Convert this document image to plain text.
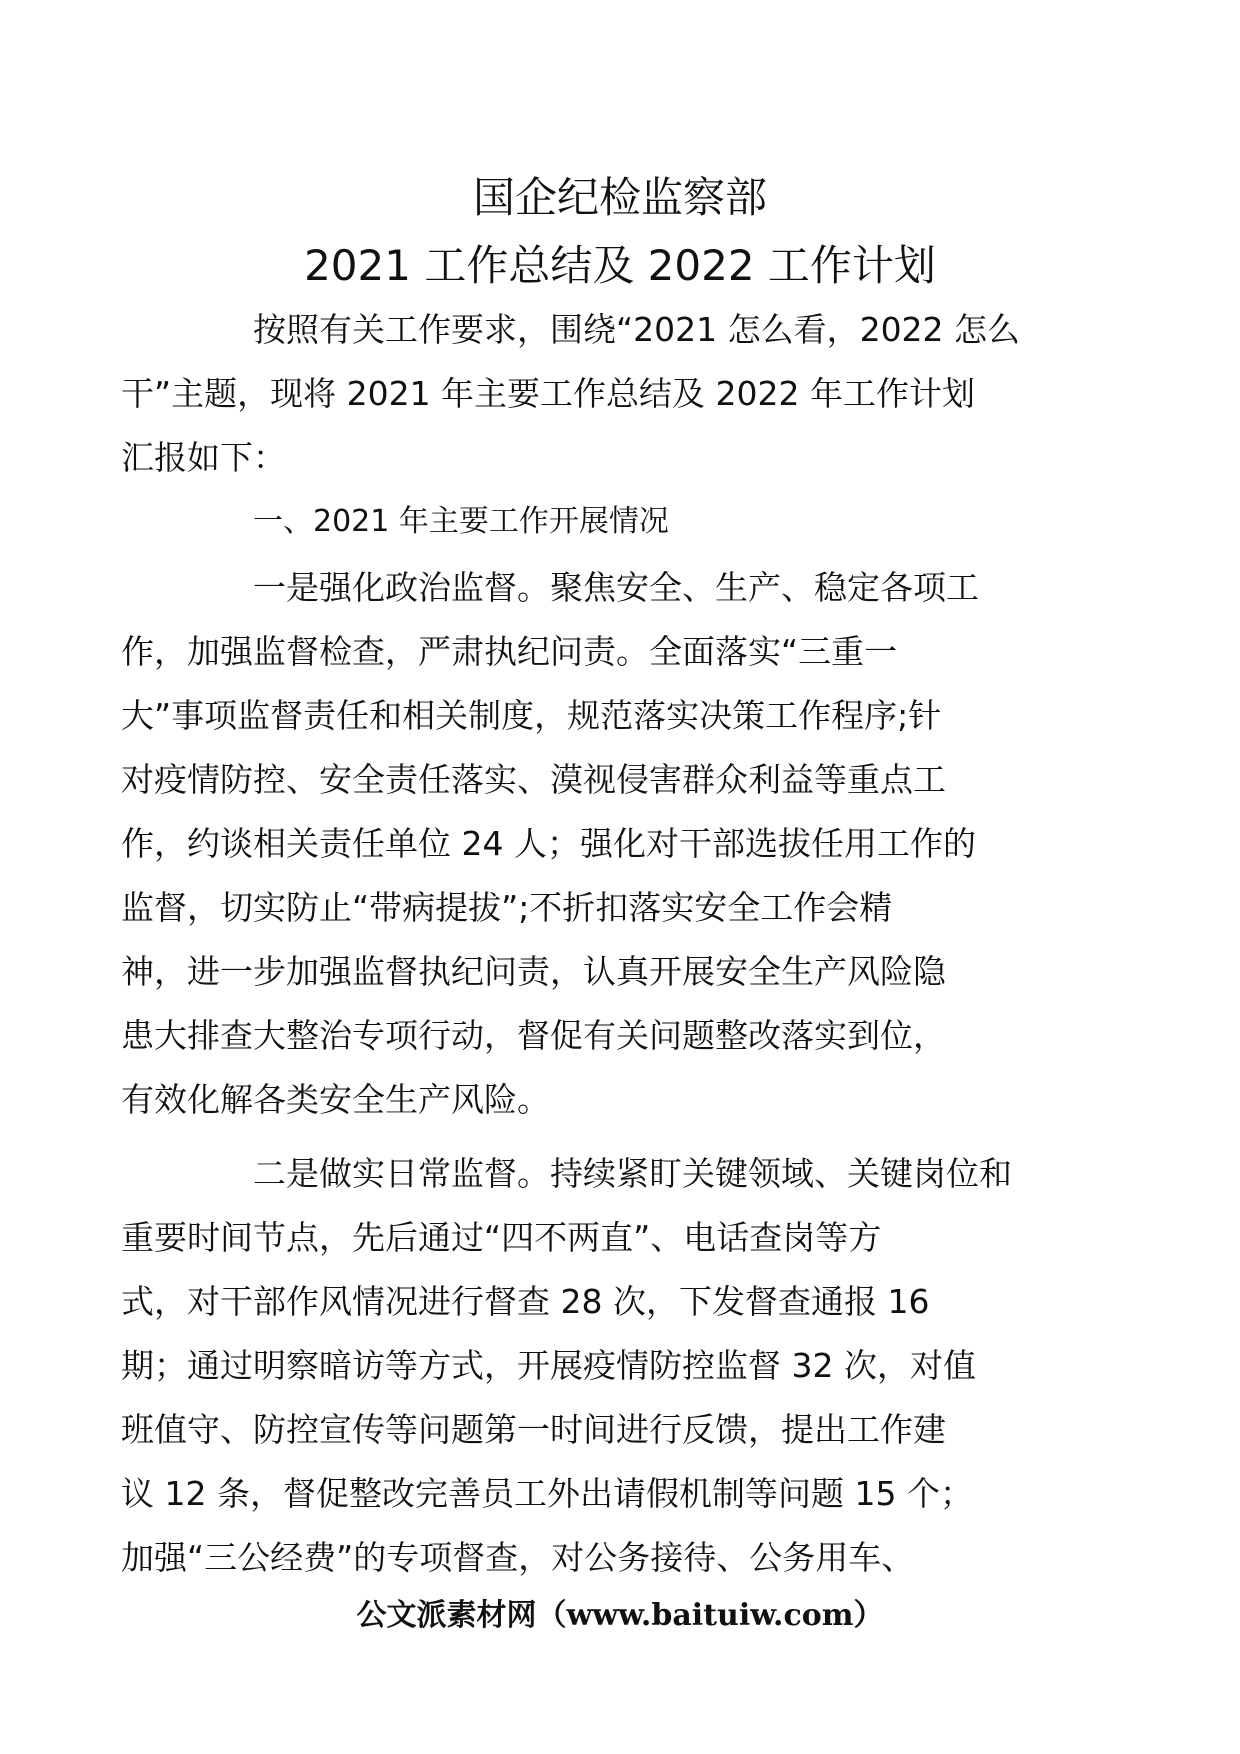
国企纪检监察部
2021 工作总结及 2022 工作计划

按照有关工作要求，围绕“2021 怎么看，2022 怎么
干”主题，现将 2021 年主要工作总结及 2022 年工作计划
汇报如下：

一、2021 年主要工作开展情况

一是强化政治监督。聚焦安全、生产、稳定各项工
作，加强监督检查，严肃执纪问责。全面落实“三重一
大”事项监督责任和相关制度，规范落实决策工作程序;针
对疫情防控、安全责任落实、漠视侵害群众利益等重点工
作，约谈相关责任单位 24 人；强化对干部选拔任用工作的
监督，切实防止“带病提拔”;不折扣落实安全工作会精
神，进一步加强监督执纪问责，认真开展安全生产风险隐
患大排查大整治专项行动，督促有关问题整改落实到位，
有效化解各类安全生产风险。

二是做实日常监督。持续紧盯关键领域、关键岗位和
重要时间节点，先后通过“四不两直”、电话查岗等方
式，对干部作风情况进行督查 28 次，下发督查通报 16
期；通过明察暗访等方式，开展疫情防控监督 32 次，对值
班值守、防控宣传等问题第一时间进行反馈，提出工作建
议 12 条，督促整改完善员工外出请假机制等问题 15 个；
加强“三公经费”的专项督查，对公务接待、公务用车、

公文派素材网（www.baituiw.com）
